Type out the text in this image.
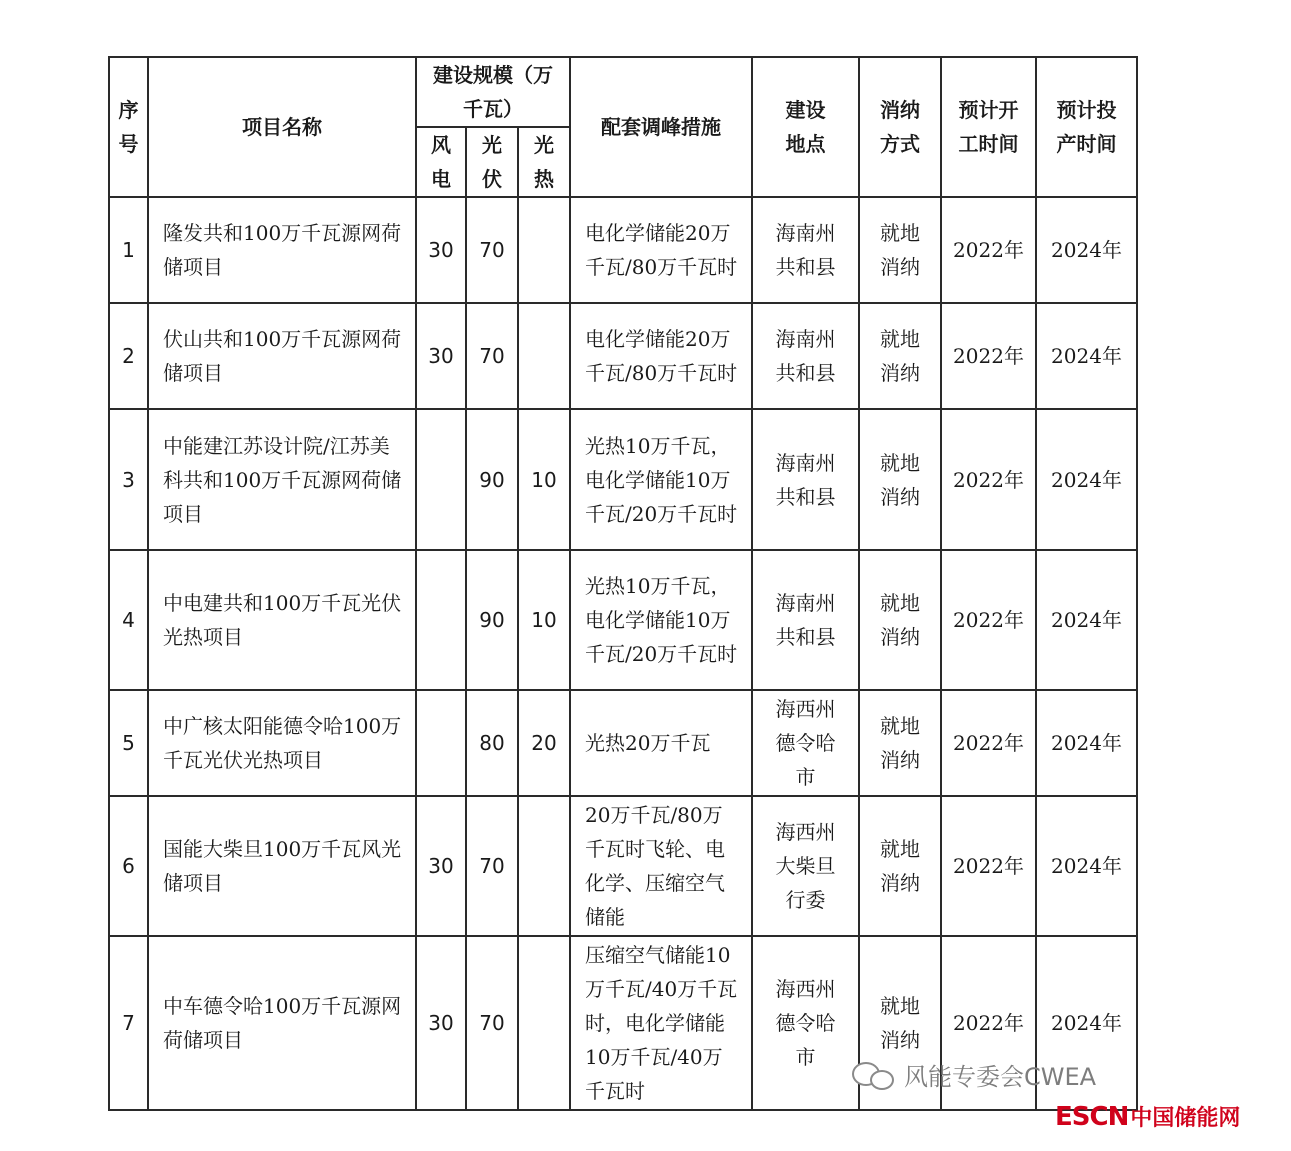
序号	项目名称	建设规模（万千瓦）			配套调峰措施	建设地点	消纳方式	预计开工时间	预计投产时间

		风电	光伏	光热					

1	隆发共和100万千瓦源网荷储项目	30	70		电化学储能20万千瓦/80万千瓦时	海南州共和县	就地消纳	2022年	2024年
2	伏山共和100万千瓦源网荷储项目	30	70		电化学储能20万千瓦/80万千瓦时	海南州共和县	就地消纳	2022年	2024年
3	中能建江苏设计院/江苏美科共和100万千瓦源网荷储项目		90	10	光热10万千瓦，电化学储能10万千瓦/20万千瓦时	海南州共和县	就地消纳	2022年	2024年
4	中电建共和100万千瓦光伏光热项目		90	10	光热10万千瓦，电化学储能10万千瓦/20万千瓦时	海南州共和县	就地消纳	2022年	2024年
5	中广核太阳能德令哈100万千瓦光伏光热项目		80	20	光热20万千瓦	海西州德令哈市	就地消纳	2022年	2024年
6	国能大柴旦100万千瓦风光储项目	30	70		20万千瓦/80万千瓦时飞轮、电化学、压缩空气储能	海西州大柴旦行委	就地消纳	2022年	2024年
7	中车德令哈100万千瓦源网荷储项目	30	70		压缩空气储能10万千瓦/40万千瓦时，电化学储能10万千瓦/40万千瓦时	海西州德令哈市	就地消纳	2022年	2024年
风能专委会CWEA
ESCN 中国储能网
